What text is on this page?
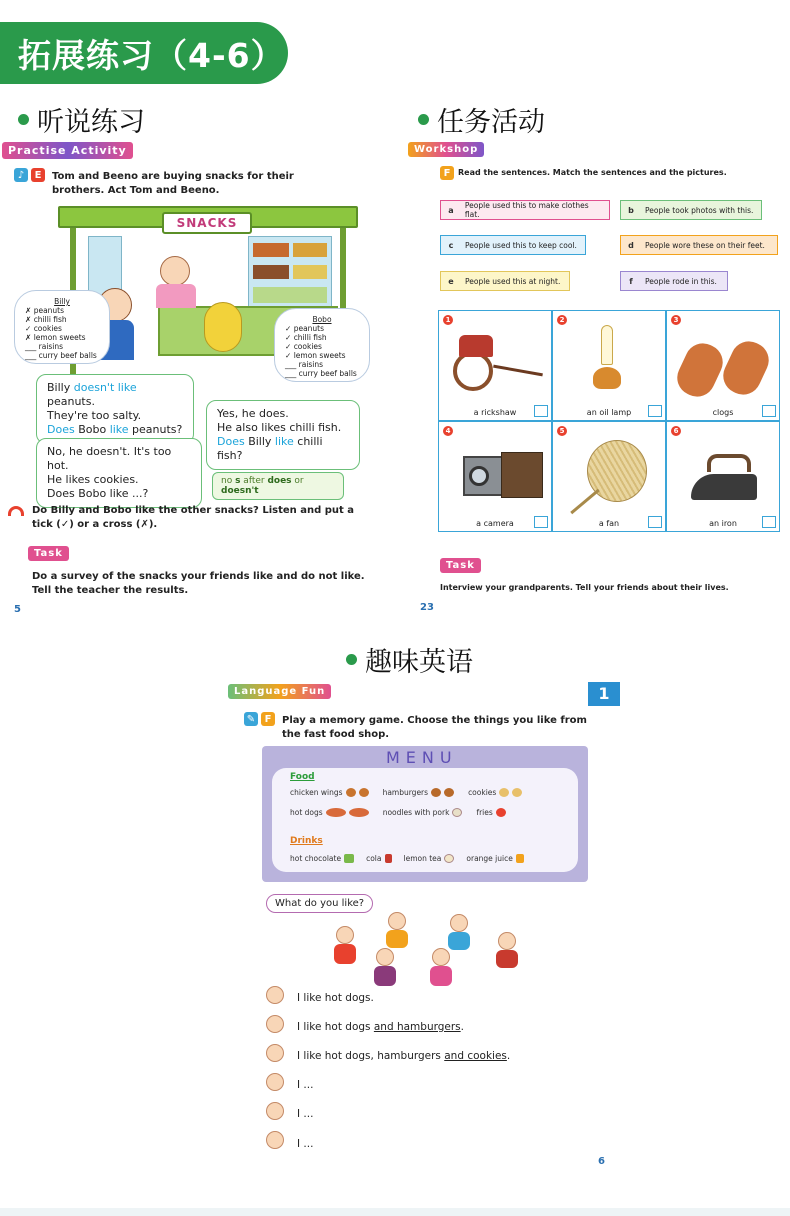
拓展练习（4-6）
听说练习	任务活动
趣味英语
Practise Activity
♪	E	Tom and Beeno are buying snacks for their brothers. Act Tom and Beeno.
SNACKS
Billy
✗ peanuts
✗ chilli fish
✓ cookies
✗ lemon sweets
___ raisins
___ curry beef balls
Bobo
✓ peanuts
✓ chilli fish
✓ cookies
✓ lemon sweets
___ raisins
___ curry beef balls
Billy doesn't like peanuts.
They're too salty.
Does Bobo like peanuts?
Yes, he does.
He also likes chilli fish.
Does Billy like chilli fish?
No, he doesn't. It's too hot.
He likes cookies.
Does Bobo like ...?
no s after does or doesn't
Do Billy and Bobo like the other snacks? Listen and put a tick (✓) or a cross (✗).
Task
Do a survey of the snacks your friends like and do not like. Tell the teacher the results.
5
Workshop
F Read the sentences. Match the sentences and the pictures.
a	People used this to make clothes flat.	b	People took photos with this.
c	People used this to keep cool.	d	People wore these on their feet.
e	People used this at night.	f	People rode in this.
1
a rickshaw
2
an oil lamp
3
clogs
4
a camera
5
a fan
6
an iron
Task
Interview your grandparents. Tell your friends about their lives.
23
Language Fun	1
✎ F	Play a memory game. Choose the things you like from the fast food shop.
MENU
Food
chicken wings	hamburgers	cookies
hot dogs	noodles with pork	fries
Drinks
hot chocolate	cola	lemon tea	orange juice
What do you like?
I like hot dogs.
I like hot dogs and hamburgers.
I like hot dogs, hamburgers and cookies.
I ...
I ...
I ...
6
